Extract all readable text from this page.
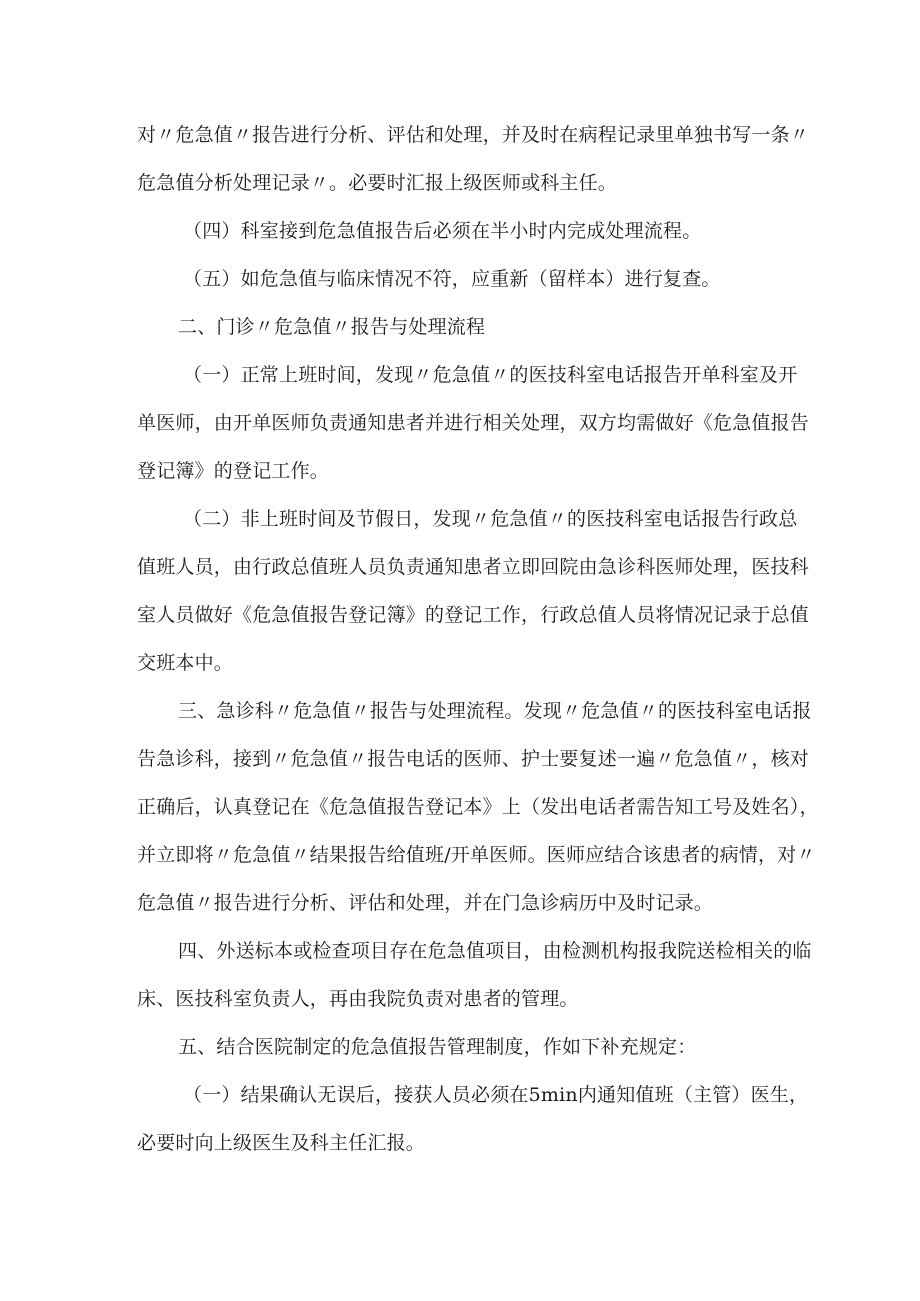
对〃危急值〃报告进行分析、评估和处理，并及时在病程记录里单独书写一条〃
危急值分析处理记录〃。必要时汇报上级医师或科主任。
（四）科室接到危急值报告后必须在半小时内完成处理流程。
（五）如危急值与临床情况不符，应重新（留样本）进行复查。
二、门诊〃危急值〃报告与处理流程
（一）正常上班时间，发现〃危急值〃的医技科室电话报告开单科室及开
单医师，由开单医师负责通知患者并进行相关处理，双方均需做好《危急值报告
登记簿》的登记工作。
（二）非上班时间及节假日，发现〃危急值〃的医技科室电话报告行政总
值班人员，由行政总值班人员负责通知患者立即回院由急诊科医师处理，医技科
室人员做好《危急值报告登记簿》的登记工作，行政总值人员将情况记录于总值
交班本中。
三、急诊科〃危急值〃报告与处理流程。发现〃危急值〃的医技科室电话报
告急诊科，接到〃危急值〃报告电话的医师、护士要复述一遍〃危急值〃，核对
正确后，认真登记在《危急值报告登记本》上（发出电话者需告知工号及姓名），
并立即将〃危急值〃结果报告给值班/开单医师。医师应结合该患者的病情，对〃
危急值〃报告进行分析、评估和处理，并在门急诊病历中及时记录。
四、外送标本或检查项目存在危急值项目，由检测机构报我院送检相关的临
床、医技科室负责人，再由我院负责对患者的管理。
五、结合医院制定的危急值报告管理制度，作如下补充规定：
（一）结果确认无误后，接获人员必须在5min内通知值班（主管）医生，
必要时向上级医生及科主任汇报。
